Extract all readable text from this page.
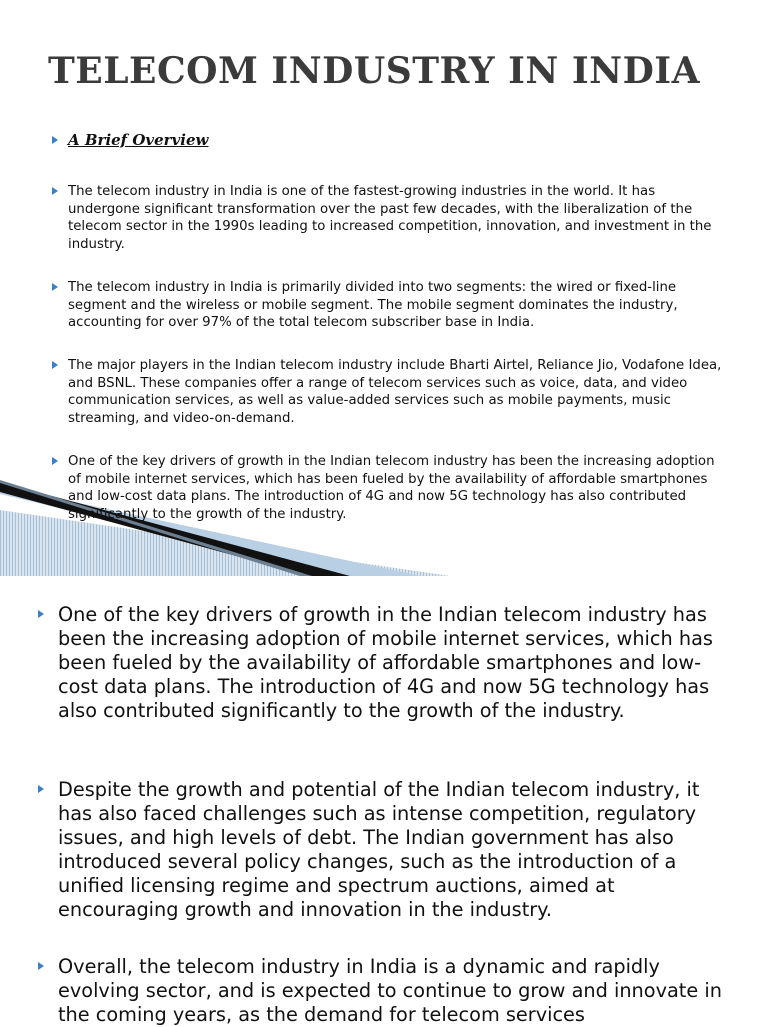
TELECOM INDUSTRY IN INDIA
A Brief Overview
The telecom industry in India is one of the fastest-growing industries in the world. It has undergone significant transformation over the past few decades, with the liberalization of the telecom sector in the 1990s leading to increased competition, innovation, and investment in the industry.
The telecom industry in India is primarily divided into two segments: the wired or fixed-line segment and the wireless or mobile segment. The mobile segment dominates the industry, accounting for over 97% of the total telecom subscriber base in India.
The major players in the Indian telecom industry include Bharti Airtel, Reliance Jio, Vodafone Idea, and BSNL. These companies offer a range of telecom services such as voice, data, and video communication services, as well as value-added services such as mobile payments, music streaming, and video-on-demand.
One of the key drivers of growth in the Indian telecom industry has been the increasing adoption of mobile internet services, which has been fueled by the availability of affordable smartphones and low-cost data plans. The introduction of 4G and now 5G technology has also contributed significantly to the growth of the industry.
One of the key drivers of growth in the Indian telecom industry has been the increasing adoption of mobile internet services, which has been fueled by the availability of affordable smartphones and low-cost data plans. The introduction of 4G and now 5G technology has also contributed significantly to the growth of the industry.
Despite the growth and potential of the Indian telecom industry, it has also faced challenges such as intense competition, regulatory issues, and high levels of debt. The Indian government has also introduced several policy changes, such as the introduction of a unified licensing regime and spectrum auctions, aimed at encouraging growth and innovation in the industry.
Overall, the telecom industry in India is a dynamic and rapidly evolving sector, and is expected to continue to grow and innovate in the coming years, as the demand for telecom services
